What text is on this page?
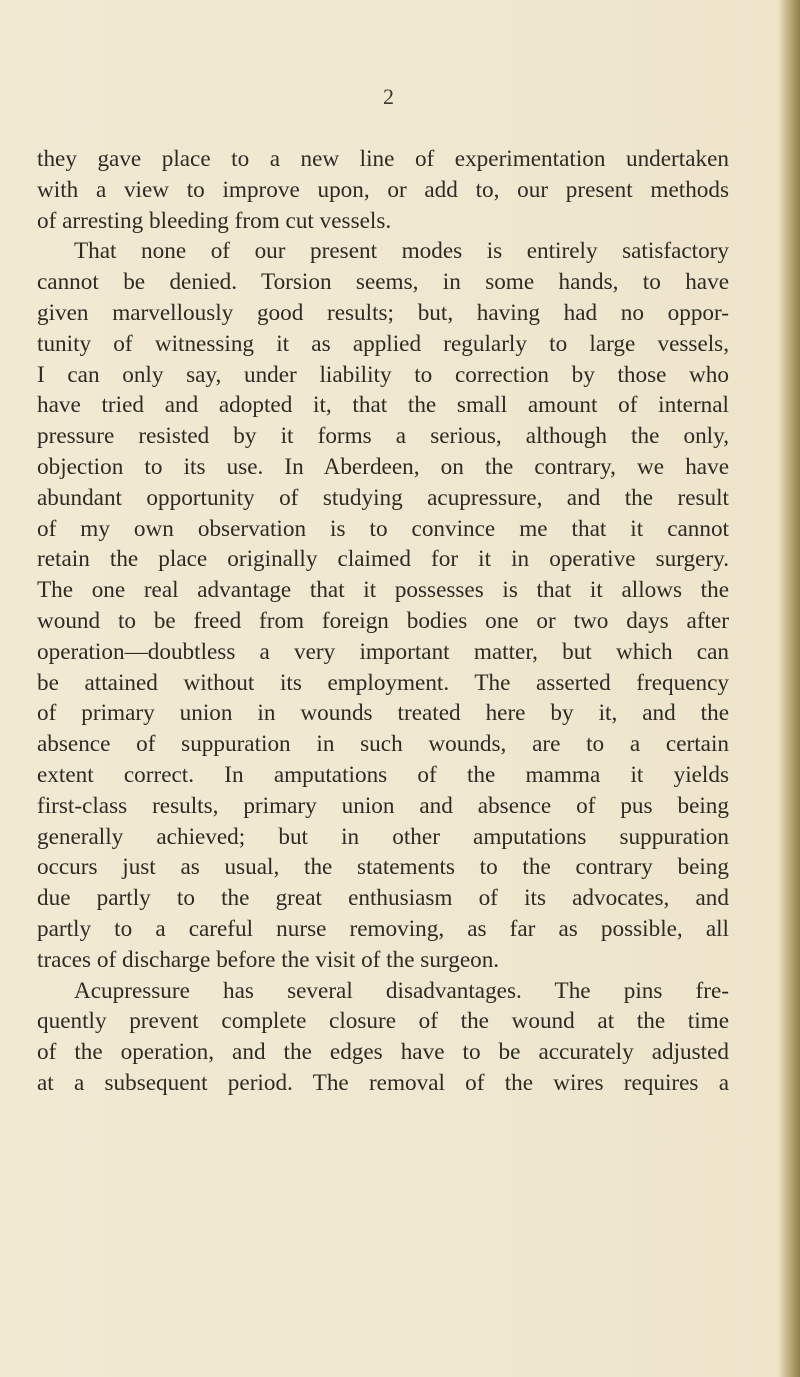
2
they gave place to a new line of experimentation undertaken
with a view to improve upon, or add to, our present methods
of arresting bleeding from cut vessels.
That none of our present modes is entirely satisfactory
cannot be denied. Torsion seems, in some hands, to have
given marvellously good results; but, having had no oppor-
tunity of witnessing it as applied regularly to large vessels,
I can only say, under liability to correction by those who
have tried and adopted it, that the small amount of internal
pressure resisted by it forms a serious, although the only,
objection to its use. In Aberdeen, on the contrary, we have
abundant opportunity of studying acupressure, and the result
of my own observation is to convince me that it cannot
retain the place originally claimed for it in operative surgery.
The one real advantage that it possesses is that it allows the
wound to be freed from foreign bodies one or two days after
operation—doubtless a very important matter, but which can
be attained without its employment. The asserted frequency
of primary union in wounds treated here by it, and the
absence of suppuration in such wounds, are to a certain
extent correct. In amputations of the mamma it yields
first-class results, primary union and absence of pus being
generally achieved; but in other amputations suppuration
occurs just as usual, the statements to the contrary being
due partly to the great enthusiasm of its advocates, and
partly to a careful nurse removing, as far as possible, all
traces of discharge before the visit of the surgeon.
Acupressure has several disadvantages. The pins fre-
quently prevent complete closure of the wound at the time
of the operation, and the edges have to be accurately adjusted
at a subsequent period. The removal of the wires requires a
